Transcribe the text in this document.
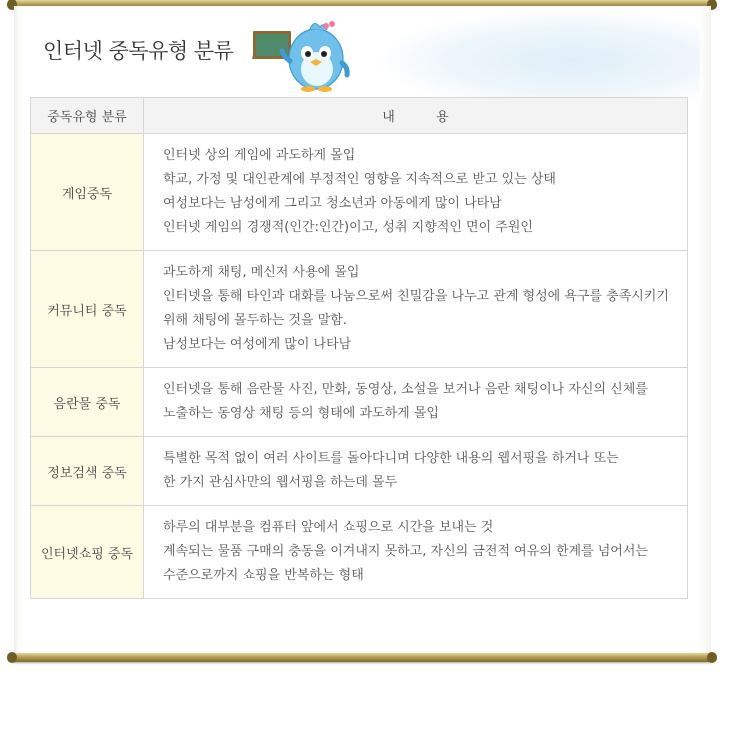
인터넷 중독유형 분류
중독유형 분류	내          용
게임중독	인터넷 상의 게임에 과도하게 몰입
학교, 가정 및 대인관계에 부정적인 영향을 지속적으로 받고 있는 상태
여성보다는 남성에게 그리고 청소년과 아동에게 많이 나타남
인터넷 게임의 경쟁적(인간:인간)이고, 성취 지향적인 면이 주원인

커뮤니티 중독	과도하게 채팅, 메신저 사용에 몰입
인터넷을 통해 타인과 대화를 나눔으로써 친밀감을 나누고 관계 형성에 욕구를 충족시키기
위해 채팅에 몰두하는 것을 말함.
남성보다는 여성에게 많이 나타남

음란물 중독	인터넷을 통해 음란물 사진, 만화, 동영상, 소설을 보거나 음란 채팅이나 자신의 신체를
노출하는 동영상 채팅 등의 형태에 과도하게 몰입

정보검색 중독	특별한 목적 없이 여러 사이트를 돌아다니며 다양한 내용의 웹서핑을 하거나 또는
한 가지 관심사만의 웹서핑을 하는데 몰두

인터넷쇼핑 중독	하루의 대부분을 컴퓨터 앞에서 쇼핑으로 시간을 보내는 것
계속되는 물품 구매의 충동을 이겨내지 못하고, 자신의 금전적 여유의 한계를 넘어서는
수준으로까지 쇼핑을 반복하는 형태
